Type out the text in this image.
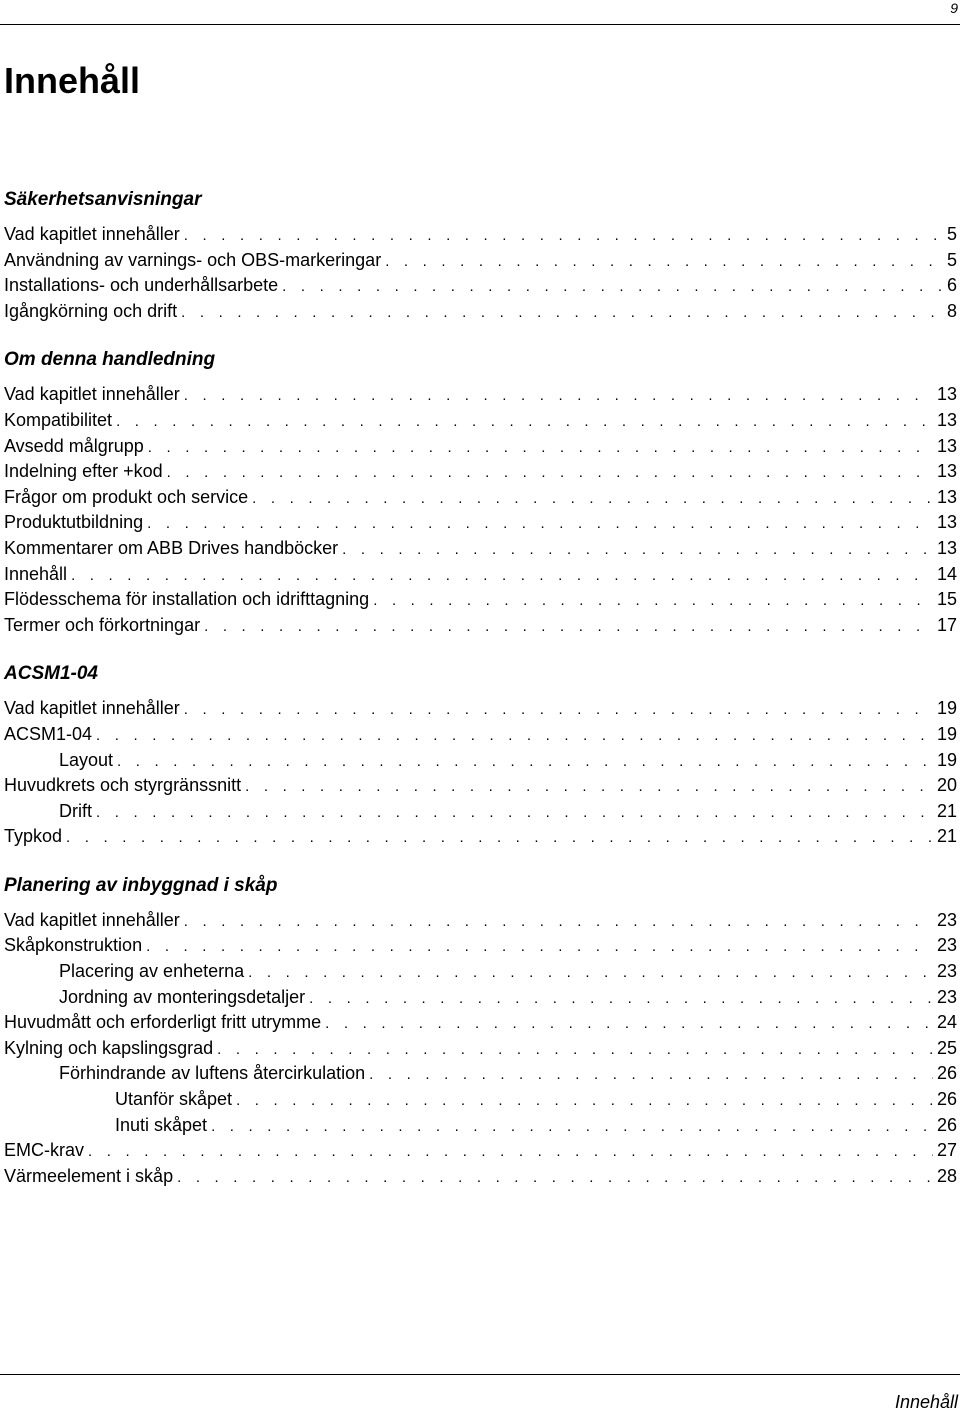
9
Innehåll
Säkerhetsanvisningar
Vad kapitlet innehåller . . .	5
Användning av varnings- och OBS-markeringar . . .	5
Installations- och underhållsarbete . . .	6
Igångkörning och drift . . .	8
Om denna handledning
Vad kapitlet innehåller . . .	13
Kompatibilitet . . .	13
Avsedd målgrupp . . .	13
Indelning efter +kod . . .	13
Frågor om produkt och service . . .	13
Produktutbildning . . .	13
Kommentarer om ABB Drives handböcker . . .	13
Innehåll . . .	14
Flödesschema för installation och idrifttagning . . .	15
Termer och förkortningar . . .	17
ACSM1-04
Vad kapitlet innehåller . . .	19
ACSM1-04 . . .	19
Layout . . .	19
Huvudkrets och styrgränssnitt . . .	20
Drift . . .	21
Typkod . . .	21
Planering av inbyggnad i skåp
Vad kapitlet innehåller . . .	23
Skåpkonstruktion . . .	23
Placering av enheterna . . .	23
Jordning av monteringsdetaljer . . .	23
Huvudmått och erforderligt fritt utrymme . . .	24
Kylning och kapslingsgrad . . .	25
Förhindrande av luftens återcirkulation . . .	26
Utanför skåpet . . .	26
Inuti skåpet . . .	26
EMC-krav . . .	27
Värmeelement i skåp . . .	28
Innehåll
